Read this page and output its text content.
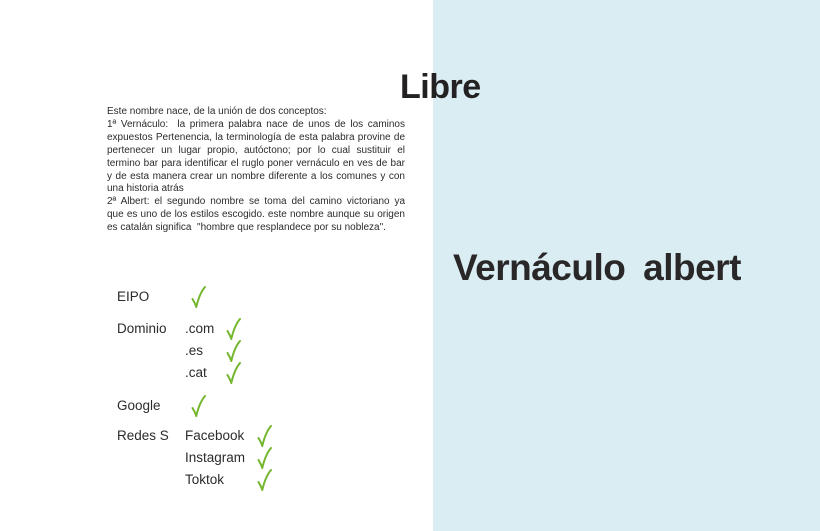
Libre
Vernáculo albert
Este nombre nace, de la unión de dos conceptos:
1ª Vernáculo:  la primera palabra nace de unos de los caminos
expuestos Pertenencia, la terminología de esta palabra provine de
pertenecer un lugar propio, autóctono; por lo cual sustituir el
termino bar para identificar el ruglo poner vernáculo en ves de bar
y de esta manera crear un nombre diferente a los comunes y con
una historia atrás
2ª Albert: el segundo nombre se toma del camino victoriano ya
que es uno de los estilos escogido. este nombre aunque su origen
es catalán significa  "hombre que resplandece por su nobleza".
EIPO

Dominio	.com	

.es	

.cat	
Google

Redes S	Facebook	

Instagram	

Toktok	
